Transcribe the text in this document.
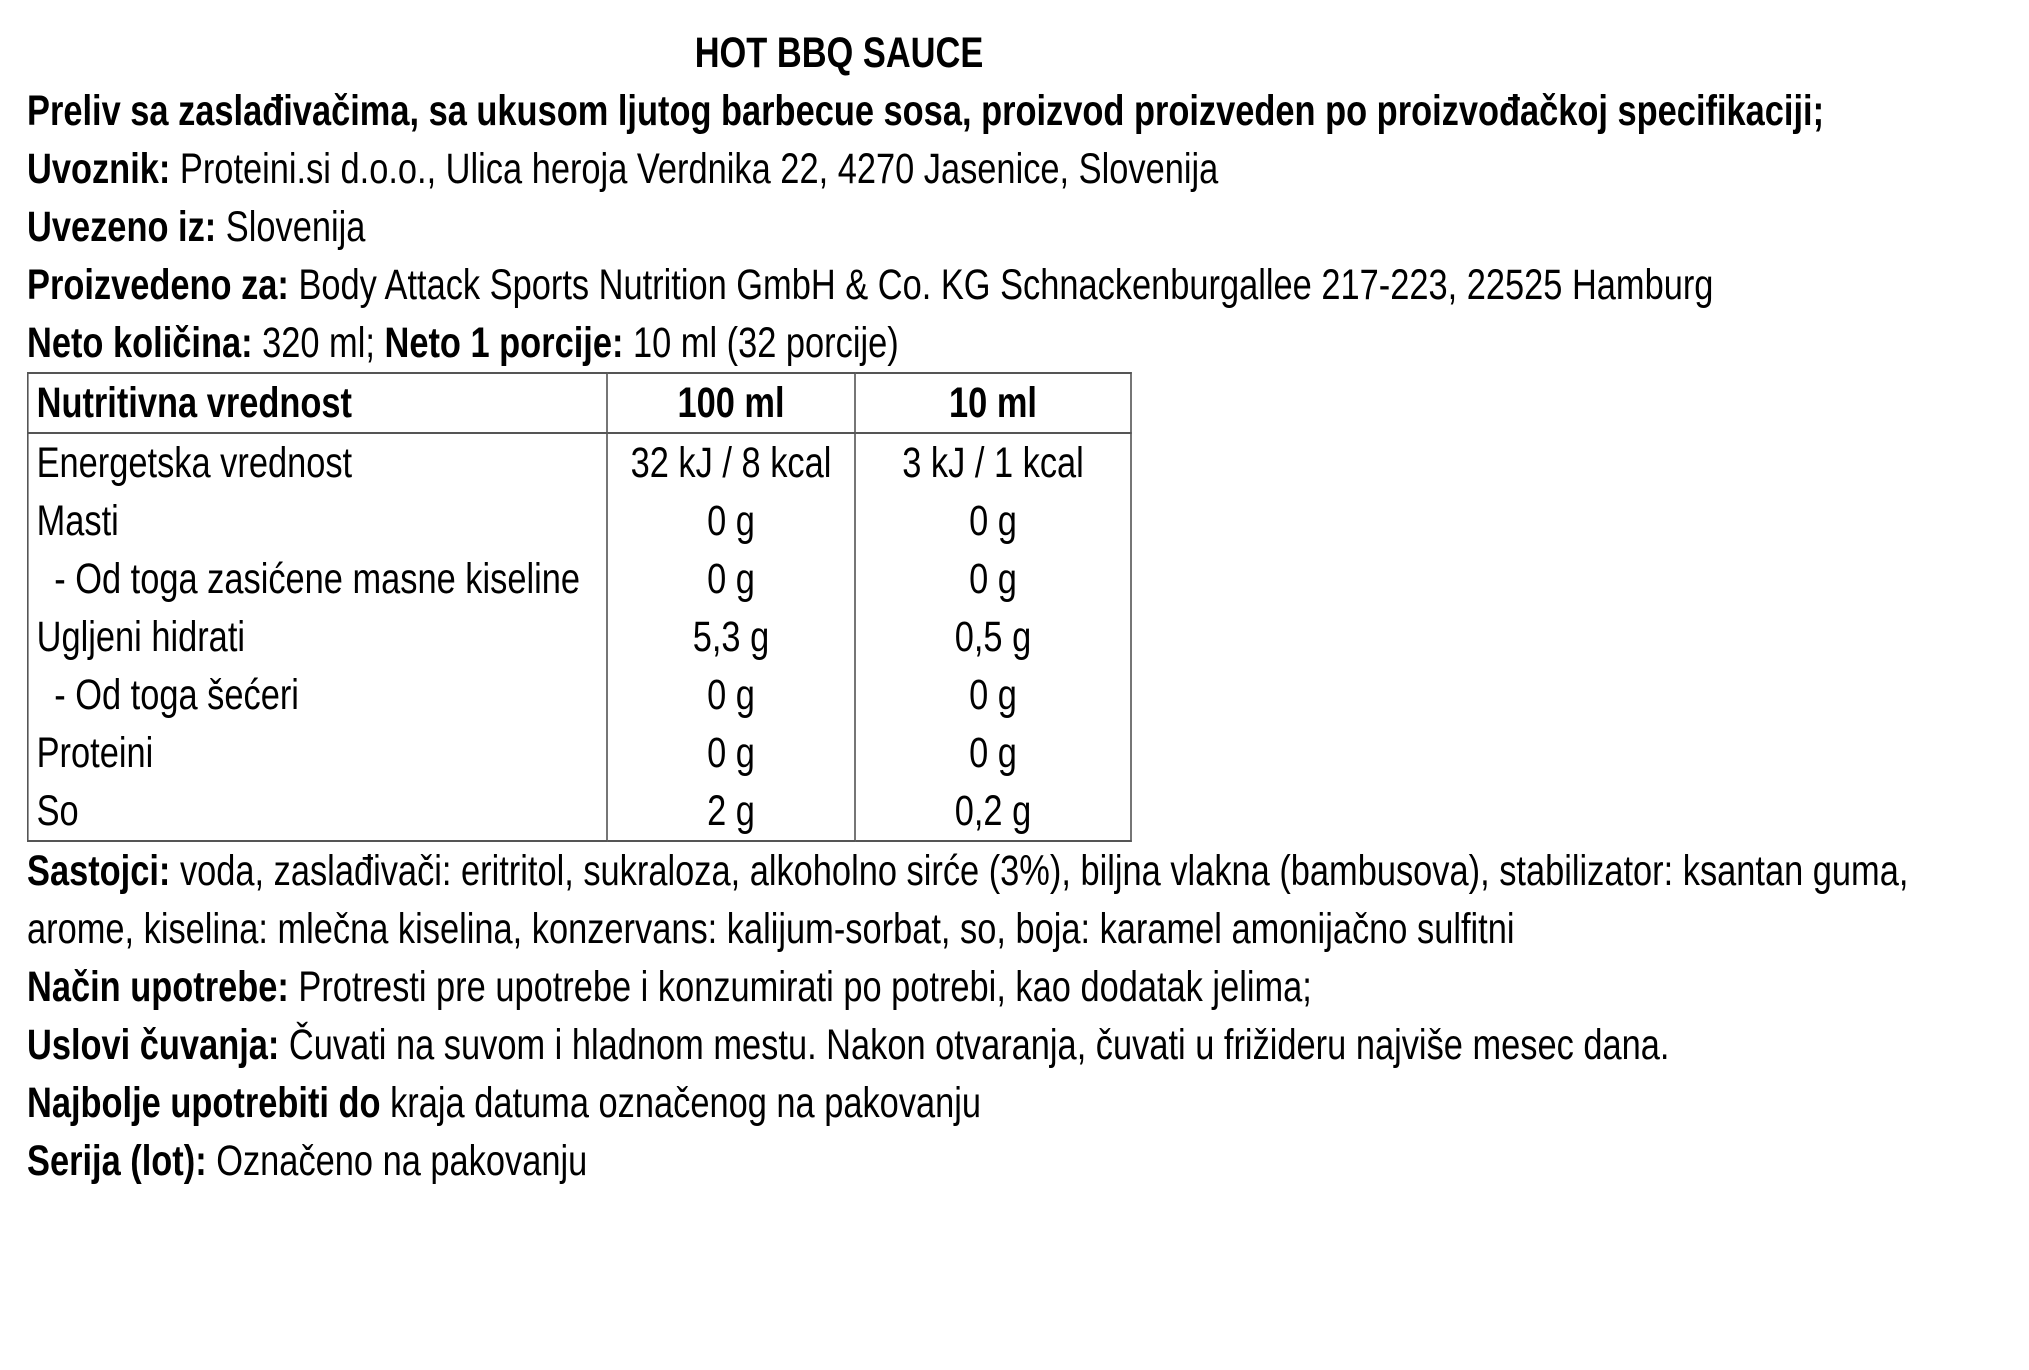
HOT BBQ SAUCE

Preliv sa zaslađivačima, sa ukusom ljutog barbecue sosa, proizvod proizveden po proizvođačkoj specifikaciji;

Uvoznik: Proteini.si d.o.o., Ulica heroja Verdnika 22, 4270 Jasenice, Slovenija

Uvezeno iz: Slovenija

Proizvedeno za: Body Attack Sports Nutrition GmbH & Co. KG Schnackenburgallee 217-223, 22525 Hamburg

Neto količina: 320 ml; Neto 1 porcije: 10 ml (32 porcije)

Nutritivna vrednost	100 ml	10 ml
Energetska vrednost	32 kJ / 8 kcal	3 kJ / 1 kcal
Masti	0 g	0 g
- Od toga zasićene masne kiseline	0 g	0 g
Ugljeni hidrati	5,3 g	0,5 g
- Od toga šećeri	0 g	0 g
Proteini	0 g	0 g
So	2 g	0,2 g

Sastojci: voda, zaslađivači: eritritol, sukraloza, alkoholno sirće (3%), biljna vlakna (bambusova), stabilizator: ksantan guma, arome, kiselina: mlečna kiselina, konzervans: kalijum-sorbat, so, boja: karamel amonijačno sulfitni

Način upotrebe: Protresti pre upotrebe i konzumirati po potrebi, kao dodatak jelima;

Uslovi čuvanja: Čuvati na suvom i hladnom mestu. Nakon otvaranja, čuvati u frižideru najviše mesec dana.

Najbolje upotrebiti do kraja datuma označenog na pakovanju

Serija (lot): Označeno na pakovanju
